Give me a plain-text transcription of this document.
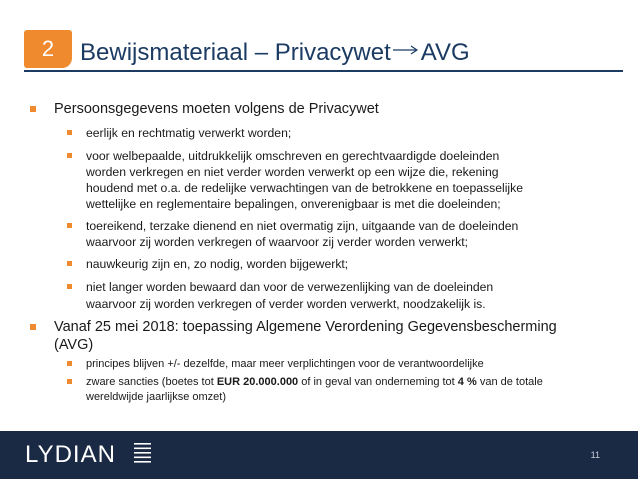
2	Bewijsmateriaal – Privacywet AVG
Persoonsgegevens moeten volgens de Privacywet
eerlijk en rechtmatig verwerkt worden;
voor welbepaalde, uitdrukkelijk omschreven en gerechtvaardigde doeleinden
worden verkregen en niet verder worden verwerkt op een wijze die, rekening
houdend met o.a. de redelijke verwachtingen van de betrokkene en toepasselijke
wettelijke en reglementaire bepalingen, onverenigbaar is met die doeleinden;
toereikend, terzake dienend en niet overmatig zijn, uitgaande van de doeleinden
waarvoor zij worden verkregen of waarvoor zij verder worden verwerkt;
nauwkeurig zijn en, zo nodig, worden bijgewerkt;
niet langer worden bewaard dan voor de verwezenlijking van de doeleinden
waarvoor zij worden verkregen of verder worden verwerkt, noodzakelijk is.
Vanaf 25 mei 2018: toepassing Algemene Verordening Gegevensbescherming
(AVG)
principes blijven +/- dezelfde, maar meer verplichtingen voor de verantwoordelijke
zware sancties (boetes tot EUR 20.000.000 of in geval van onderneming tot 4 % van de totale
wereldwijde jaarlijkse omzet)
LYDIAN	11
